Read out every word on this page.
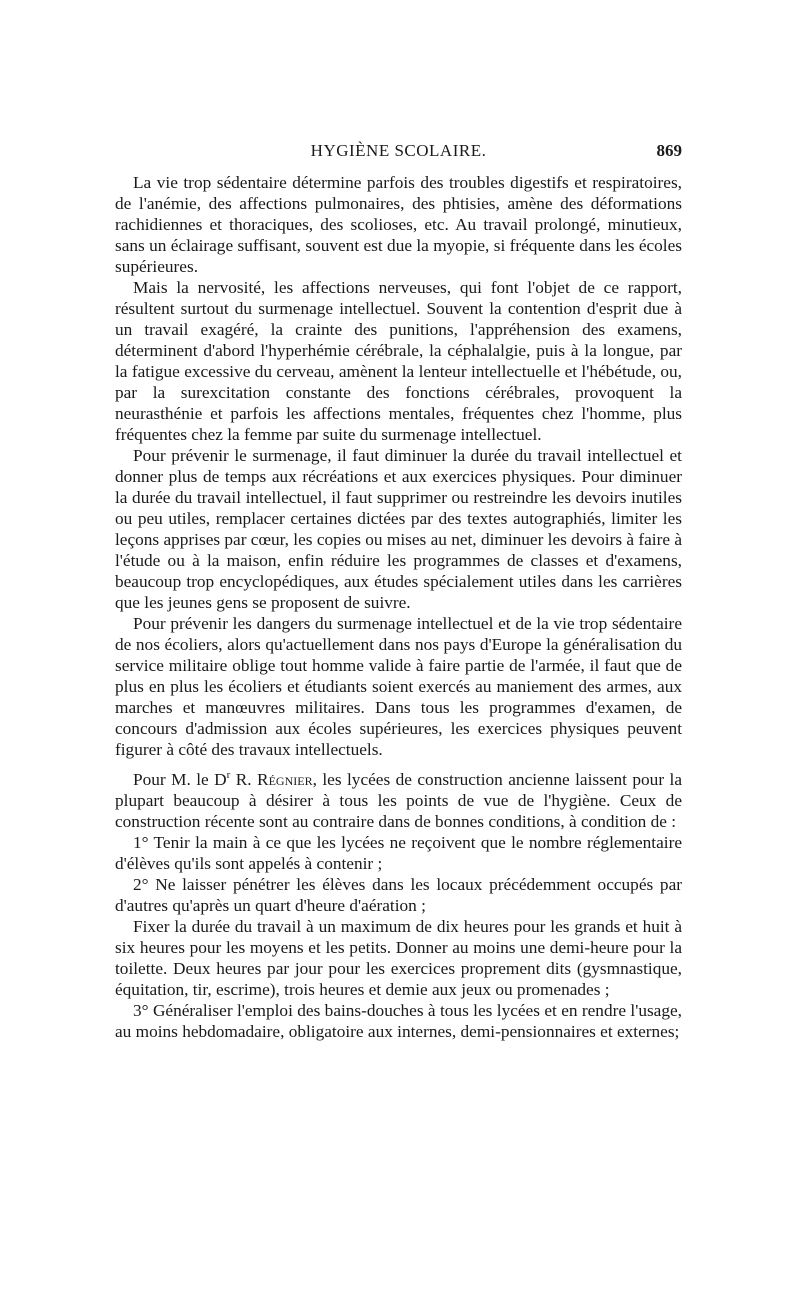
HYGIÈNE SCOLAIRE.	869

La vie trop sédentaire détermine parfois des troubles digestifs et respiratoires, de l'anémie, des affections pulmonaires, des phtisies, amène des déformations rachidiennes et thoraciques, des scolioses, etc. Au travail prolongé, minutieux, sans un éclairage suffisant, souvent est due la myopie, si fréquente dans les écoles supérieures.

Mais la nervosité, les affections nerveuses, qui font l'objet de ce rapport, résultent surtout du surmenage intellectuel. Souvent la contention d'esprit due à un travail exagéré, la crainte des punitions, l'appréhension des examens, déterminent d'abord l'hyperhémie cérébrale, la céphalalgie, puis à la longue, par la fatigue excessive du cerveau, amènent la lenteur intellectuelle et l'hébétude, ou, par la surexcitation constante des fonctions cérébrales, provoquent la neurasthénie et parfois les affections mentales, fréquentes chez l'homme, plus fréquentes chez la femme par suite du surmenage intellectuel.

Pour prévenir le surmenage, il faut diminuer la durée du travail intellectuel et donner plus de temps aux récréations et aux exercices physiques. Pour diminuer la durée du travail intellectuel, il faut supprimer ou restreindre les devoirs inutiles ou peu utiles, remplacer certaines dictées par des textes autographiés, limiter les leçons apprises par cœur, les copies ou mises au net, diminuer les devoirs à faire à l'étude ou à la maison, enfin réduire les programmes de classes et d'examens, beaucoup trop encyclopédiques, aux études spécialement utiles dans les carrières que les jeunes gens se proposent de suivre.

Pour prévenir les dangers du surmenage intellectuel et de la vie trop sédentaire de nos écoliers, alors qu'actuellement dans nos pays d'Europe la généralisation du service militaire oblige tout homme valide à faire partie de l'armée, il faut que de plus en plus les écoliers et étudiants soient exercés au maniement des armes, aux marches et manœuvres militaires. Dans tous les programmes d'examen, de concours d'admission aux écoles supérieures, les exercices physiques peuvent figurer à côté des travaux intellectuels.

Pour M. le $D^r$ R. Régnier, les lycées de construction ancienne laissent pour la plupart beaucoup à désirer à tous les points de vue de l'hygiène. Ceux de construction récente sont au contraire dans de bonnes conditions, à condition de :

1° Tenir la main à ce que les lycées ne reçoivent que le nombre réglementaire d'élèves qu'ils sont appelés à contenir ;

2° Ne laisser pénétrer les élèves dans les locaux précédemment occupés par d'autres qu'après un quart d'heure d'aération ;

Fixer la durée du travail à un maximum de dix heures pour les grands et huit à six heures pour les moyens et les petits. Donner au moins une demi-heure pour la toilette. Deux heures par jour pour les exercices proprement dits (gysmnastique, équitation, tir, escrime), trois heures et demie aux jeux ou promenades ;

3° Généraliser l'emploi des bains-douches à tous les lycées et en rendre l'usage, au moins hebdomadaire, obligatoire aux internes, demi-pensionnaires et externes;
